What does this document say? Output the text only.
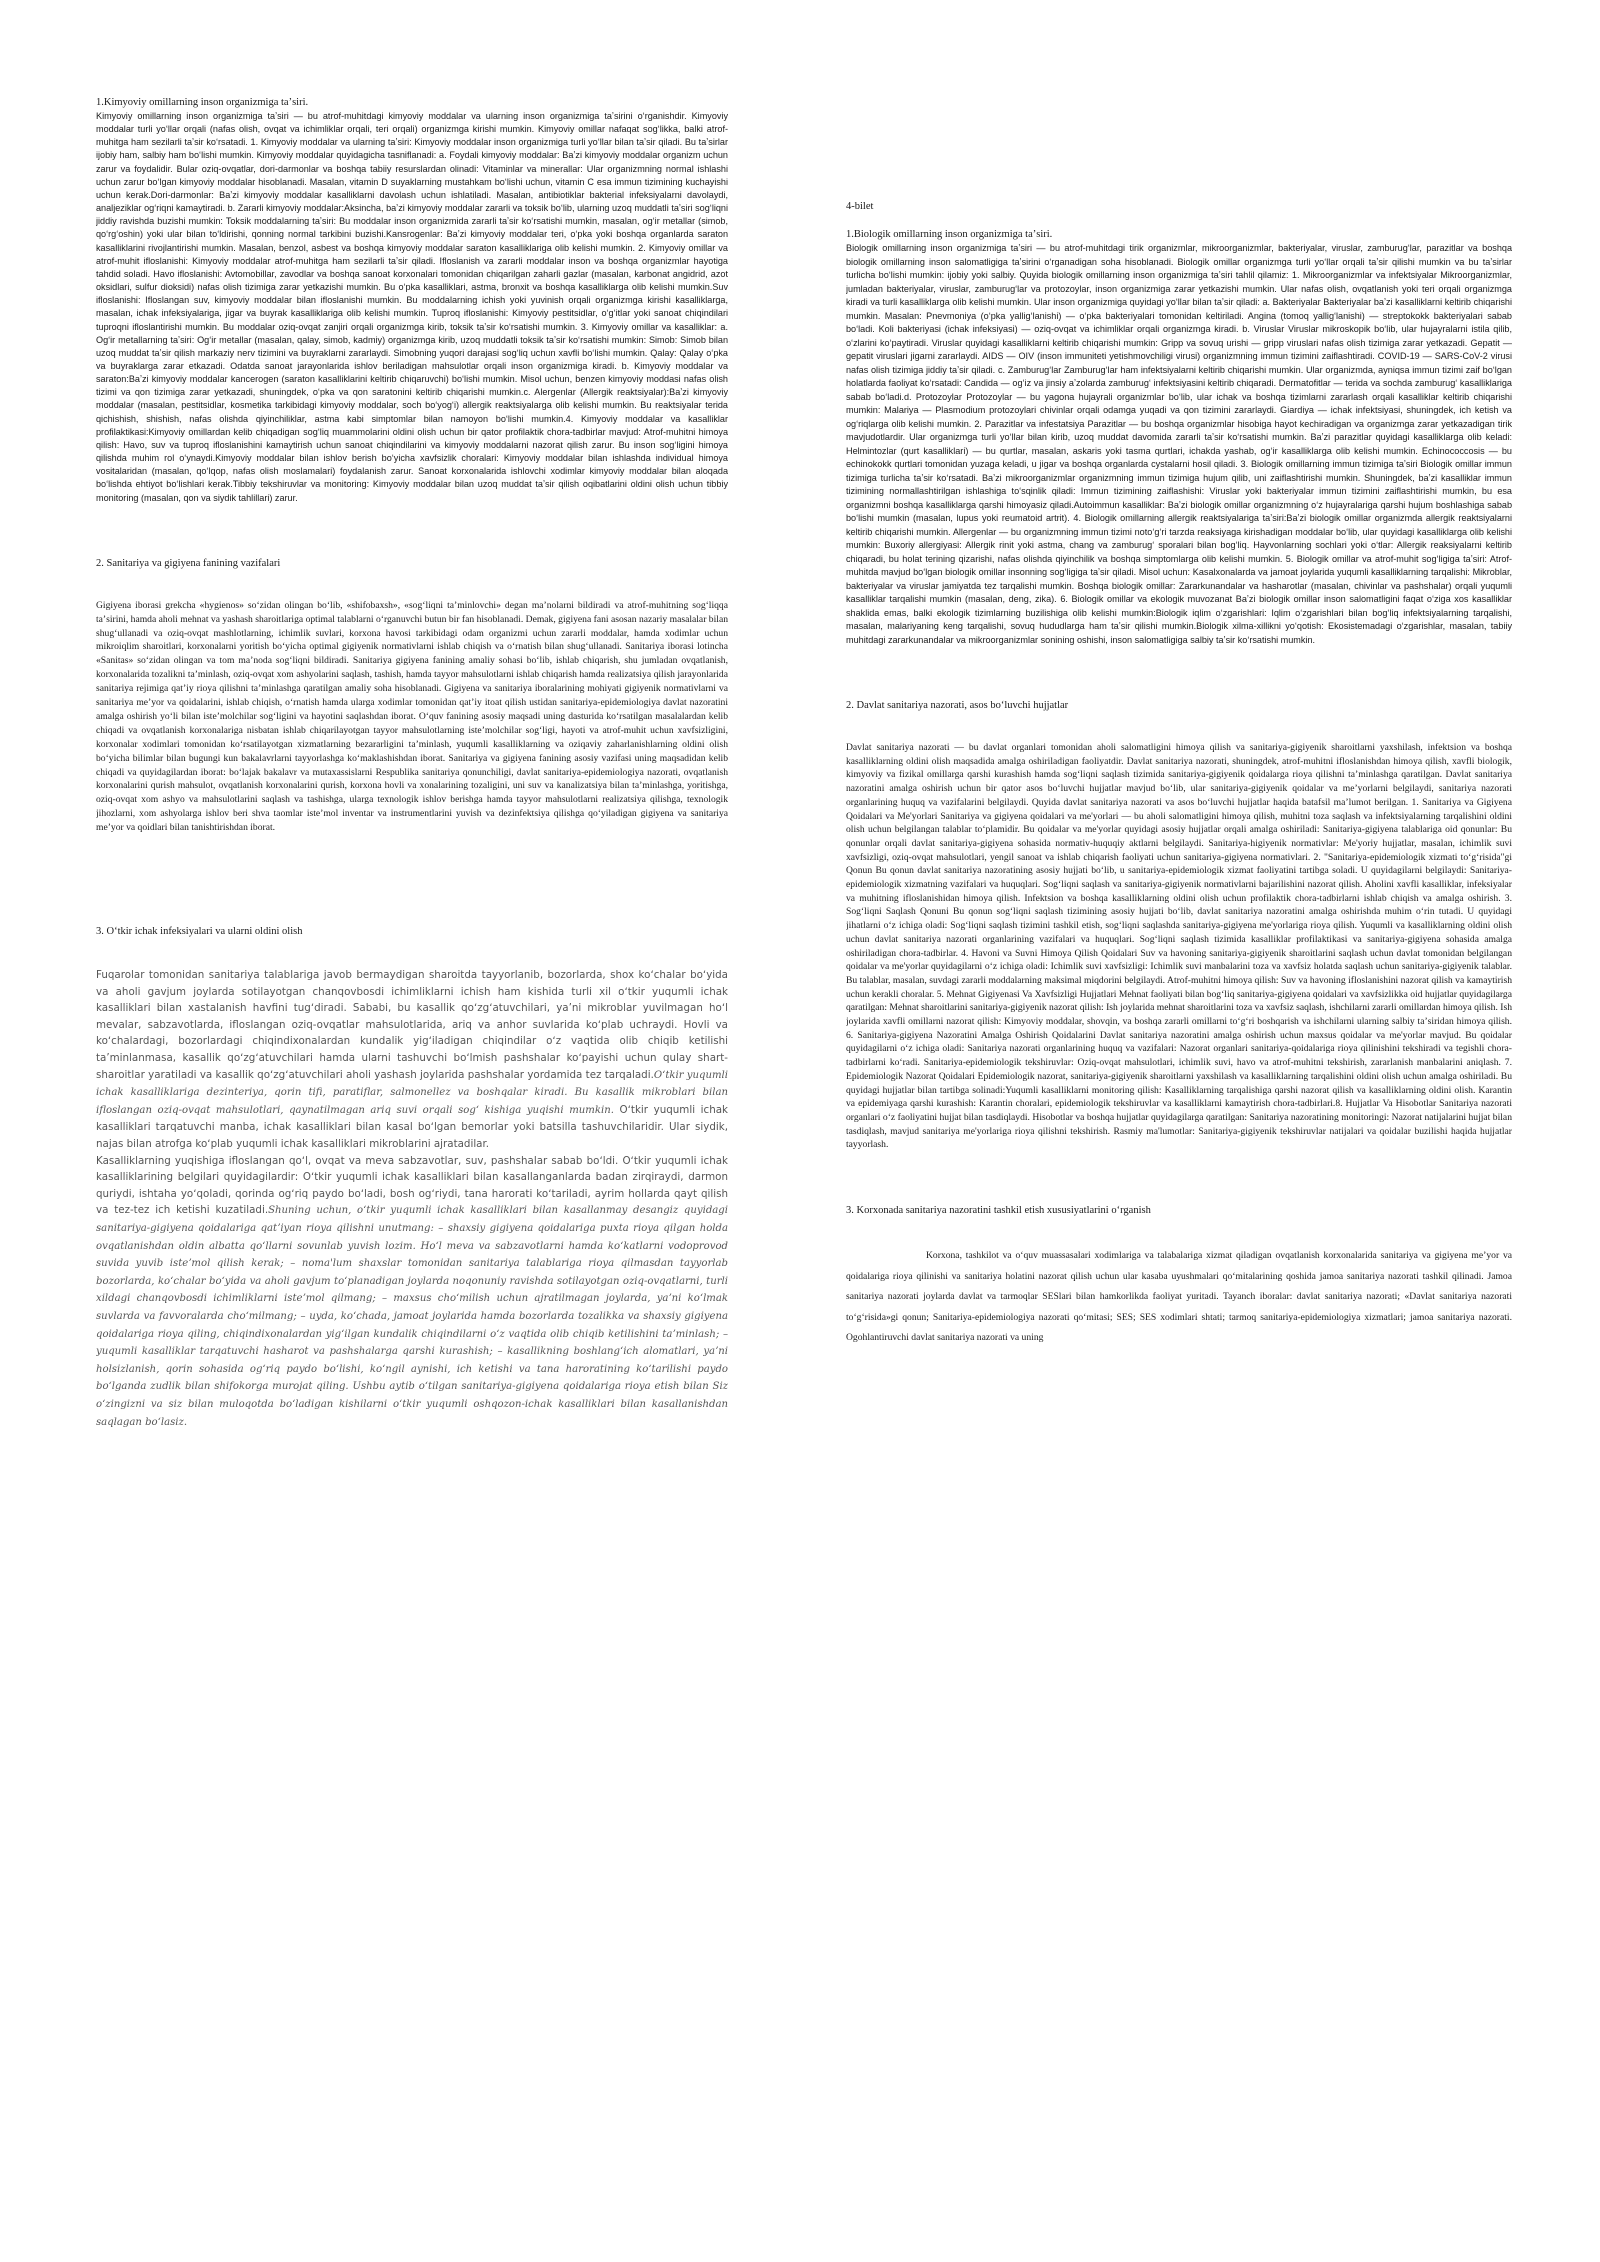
1.Kimyoviy omillarning inson organizmiga taʼsiri.

Kimyoviy omillarning inson organizmiga taʼsiri — bu atrof-muhitdagi kimyoviy moddalar va ularning inson organizmiga taʼsirini oʻrganishdir. Kimyoviy moddalar turli yoʻllar orqali (nafas olish, ovqat va ichimliklar orqali, teri orqali) organizmga kirishi mumkin. Kimyoviy omillar nafaqat sogʻlikka, balki atrof-muhitga ham sezilarli taʼsir koʻrsatadi. 1. Kimyoviy moddalar va ularning taʼsiri: Kimyoviy moddalar inson organizmiga turli yoʻllar bilan taʼsir qiladi. Bu taʼsirlar ijobiy ham, salbiy ham boʻlishi mumkin. Kimyoviy moddalar quyidagicha tasniflanadi: a. Foydali kimyoviy moddalar: Baʼzi kimyoviy moddalar organizm uchun zarur va foydalidir. Bular oziq-ovqatlar, dori-darmonlar va boshqa tabiiy resurslardan olinadi: Vitaminlar va minerallar: Ular organizmning normal ishlashi uchun zarur boʻlgan kimyoviy moddalar hisoblanadi. Masalan, vitamin D suyaklarning mustahkam boʻlishi uchun, vitamin C esa immun tizimining kuchayishi uchun kerak.Dori-darmonlar: Baʼzi kimyoviy moddalar kasalliklarni davolash uchun ishlatiladi. Masalan, antibiotiklar bakterial infeksiyalarni davolaydi, analjeziklar ogʻriqni kamaytiradi. b. Zararli kimyoviy moddalar:Aksincha, baʼzi kimyoviy moddalar zararli va toksik boʻlib, ularning uzoq muddatli taʼsiri sogʻliqni jiddiy ravishda buzishi mumkin: Toksik moddalarning taʼsiri: Bu moddalar inson organizmida zararli taʼsir koʻrsatishi mumkin, masalan, ogʻir metallar (simob, qoʻrgʻoshin) yoki ular bilan toʻldirishi, qonning normal tarkibini buzishi.Kansrogenlar: Baʼzi kimyoviy moddalar teri, oʻpka yoki boshqa organlarda saraton kasalliklarini rivojlantirishi mumkin. Masalan, benzol, asbest va boshqa kimyoviy moddalar saraton kasalliklariga olib kelishi mumkin. 2. Kimyoviy omillar va atrof-muhit ifloslanishi: Kimyoviy moddalar atrof-muhitga ham sezilarli taʼsir qiladi. Ifloslanish va zararli moddalar inson va boshqa organizmlar hayotiga tahdid soladi. Havo ifloslanishi: Avtomobillar, zavodlar va boshqa sanoat korxonalari tomonidan chiqarilgan zaharli gazlar (masalan, karbonat angidrid, azot oksidlari, sulfur dioksidi) nafas olish tizimiga zarar yetkazishi mumkin. Bu oʻpka kasalliklari, astma, bronxit va boshqa kasalliklarga olib kelishi mumkin.Suv ifloslanishi: Ifloslangan suv, kimyoviy moddalar bilan ifloslanishi mumkin. Bu moddalarning ichish yoki yuvinish orqali organizmga kirishi kasalliklarga, masalan, ichak infeksiyalariga, jigar va buyrak kasalliklariga olib kelishi mumkin. Tuproq ifloslanishi: Kimyoviy pestitsidlar, oʻgʻitlar yoki sanoat chiqindilari tuproqni ifloslantirishi mumkin. Bu moddalar oziq-ovqat zanjiri orqali organizmga kirib, toksik taʼsir koʻrsatishi mumkin. 3. Kimyoviy omillar va kasalliklar: a. Ogʻir metallarning taʼsiri: Ogʻir metallar (masalan, qalay, simob, kadmiy) organizmga kirib, uzoq muddatli toksik taʼsir koʻrsatishi mumkin: Simob: Simob bilan uzoq muddat taʼsir qilish markaziy nerv tizimini va buyraklarni zararlaydi. Simobning yuqori darajasi sogʻliq uchun xavfli boʻlishi mumkin. Qalay: Qalay oʻpka va buyraklarga zarar etkazadi. Odatda sanoat jarayonlarida ishlov beriladigan mahsulotlar orqali inson organizmiga kiradi. b. Kimyoviy moddalar va saraton:Baʼzi kimyoviy moddalar kancerogen (saraton kasalliklarini keltirib chiqaruvchi) boʻlishi mumkin. Misol uchun, benzen kimyoviy moddasi nafas olish tizimi va qon tizimiga zarar yetkazadi, shuningdek, oʻpka va qon saratonini keltirib chiqarishi mumkin.c. Alergenlar (Allergik reaktsiyalar):Baʼzi kimyoviy moddalar (masalan, pestitsidlar, kosmetika tarkibidagi kimyoviy moddalar, soch boʻyogʻi) allergik reaktsiyalarga olib kelishi mumkin. Bu reaktsiyalar terida qichishish, shishish, nafas olishda qiyinchiliklar, astma kabi simptomlar bilan namoyon boʻlishi mumkin.4. Kimyoviy moddalar va kasalliklar profilaktikasi:Kimyoviy omillardan kelib chiqadigan sogʻliq muammolarini oldini olish uchun bir qator profilaktik chora-tadbirlar mavjud: Atrof-muhitni himoya qilish: Havo, suv va tuproq ifloslanishini kamaytirish uchun sanoat chiqindilarini va kimyoviy moddalarni nazorat qilish zarur. Bu inson sogʻligini himoya qilishda muhim rol oʻynaydi.Kimyoviy moddalar bilan ishlov berish boʻyicha xavfsizlik choralari: Kimyoviy moddalar bilan ishlashda individual himoya vositalaridan (masalan, qoʻlqop, nafas olish moslamalari) foydalanish zarur. Sanoat korxonalarida ishlovchi xodimlar kimyoviy moddalar bilan aloqada boʻlishda ehtiyot boʻlishlari kerak.Tibbiy tekshiruvlar va monitoring: Kimyoviy moddalar bilan uzoq muddat taʼsir qilish oqibatlarini oldini olish uchun tibbiy monitoring (masalan, qon va siydik tahlillari) zarur.

2. Sanitariya va gigiyena fanining vazifalari

Gigiyena iborasi grekcha «hygienos» soʻzidan olingan boʻlib, «shifobaxsh», «sogʻliqni taʼminlovchi» degan maʼnolarni bildiradi va atrof-muhitning sogʻliqqa taʼsirini, hamda aholi mehnat va yashash sharoitlariga optimal talablarni oʻrganuvchi butun bir fan hisoblanadi. Demak, gigiyena fani asosan nazariy masalalar bilan shugʻullanadi va oziq-ovqat mashlotlarning, ichimlik suvlari, korxona havosi tarkibidagi odam organizmi uchun zararli moddalar, hamda xodimlar uchun mikroiqlim sharoitlari, korxonalarni yoritish boʻyicha optimal gigiyenik normativlarni ishlab chiqish va oʻrnatish bilan shugʻullanadi. Sanitariya iborasi lotincha «Sanitas» soʻzidan olingan va tom maʼnoda sogʻliqni bildiradi. Sanitariya gigiyena fanining amaliy sohasi boʻlib, ishlab chiqarish, shu jumladan ovqatlanish, korxonalarida tozalikni taʼminlash, oziq-ovqat xom ashyolarini saqlash, tashish, hamda tayyor mahsulotlarni ishlab chiqarish hamda realizatsiya qilish jarayonlarida sanitariya rejimiga qatʼiy rioya qilishni taʼminlashga qaratilgan amaliy soha hisoblanadi. Gigiyena va sanitariya iboralarining mohiyati gigiyenik normativlarni va sanitariya meʼyor va qoidalarini, ishlab chiqish, oʻrnatish hamda ularga xodimlar tomonidan qatʼiy itoat qilish ustidan sanitariya-epidemiologiya davlat nazoratini amalga oshirish yoʻli bilan isteʼmolchilar sogʻligini va hayotini saqlashdan iborat. Oʻquv fanining asosiy maqsadi uning dasturida koʻrsatilgan masalalardan kelib chiqadi va ovqatlanish korxonalariga nisbatan ishlab chiqarilayotgan tayyor mahsulotlarning isteʼmolchilar sogʻligi, hayoti va atrof-muhit uchun xavfsizligini, korxonalar xodimlari tomonidan koʻrsatilayotgan xizmatlarning bezararligini taʼminlash, yuqumli kasalliklarning va oziqaviy zaharlanishlarning oldini olish boʻyicha bilimlar bilan bugungi kun bakalavrlarni tayyorlashga koʻmaklashishdan iborat. Sanitariya va gigiyena fanining asosiy vazifasi uning maqsadidan kelib chiqadi va quyidagilardan iborat: boʻlajak bakalavr va mutaxassislarni Respublika sanitariya qonunchiligi, davlat sanitariya-epidemiologiya nazorati, ovqatlanish korxonalarini qurish mahsulot, ovqatlanish korxonalarini qurish, korxona hovli va xonalarining tozaligini, uni suv va kanalizatsiya bilan taʼminlashga, yoritishga, oziq-ovqat xom ashyo va mahsulotlarini saqlash va tashishga, ularga texnologik ishlov berishga hamda tayyor mahsulotlarni realizatsiya qilishga, texnologik jihozlarni, xom ashyolarga ishlov beri shva taomlar isteʼmol inventar va instrumentlarini yuvish va dezinfektsiya qilishga qoʻyiladigan gigiyena va sanitariya meʼyor va qoidlari bilan tanishtirishdan iborat.

3. Oʻtkir ichak infeksiyalari va ularni oldini olish

Fuqarolar tomonidan sanitariya talablariga javob bermaydigan sharoitda tayyorlanib, bozorlarda, shox koʻchalar boʻyida va aholi gavjum joylarda sotilayotgan chanqovbosdi ichimliklarni ichish ham kishida turli xil oʻtkir yuqumli ichak kasalliklari bilan xastalanish havfini tugʻdiradi. Sababi, bu kasallik qoʻzgʻatuvchilari, yaʼni mikroblar yuvilmagan hoʻl mevalar, sabzavotlarda, ifloslangan oziq-ovqatlar mahsulotlarida, ariq va anhor suvlarida koʻplab uchraydi. Hovli va koʻchalardagi, bozorlardagi chiqindixonalardan kundalik yigʻiladigan chiqindilar oʻz vaqtida olib chiqib ketilishi taʼminlanmasa, kasallik qoʻzgʻatuvchilari hamda ularni tashuvchi boʻlmish pashshalar koʻpayishi uchun qulay shart-sharoitlar yaratiladi va kasallik qoʻzgʻatuvchilari aholi yashash joylarida pashshalar yordamida tez tarqaladi.Oʻtkir yuqumli ichak kasalliklariga dezinteriya, qorin tifi, paratiflar, salmonellez va boshqalar kiradi. Bu kasallik mikroblari bilan ifloslangan oziq-ovqat mahsulotlari, qaynatilmagan ariq suvi orqali sogʻ kishiga yuqishi mumkin. Oʻtkir yuqumli ichak kasalliklari tarqatuvchi manba, ichak kasalliklari bilan kasal boʻlgan bemorlar yoki batsilla tashuvchilaridir. Ular siydik, najas bilan atrofga koʻplab yuqumli ichak kasalliklari mikroblarini ajratadilar.

Kasalliklarning yuqishiga ifloslangan qoʻl, ovqat va meva sabzavotlar, suv, pashshalar sabab boʻldi. Oʻtkir yuqumli ichak kasalliklarining belgilari quyidagilardir: Oʻtkir yuqumli ichak kasalliklari bilan kasallanganlarda badan zirqiraydi, darmon quriydi, ishtaha yoʻqoladi, qorinda ogʻriq paydo boʻladi, bosh ogʻriydi, tana harorati koʻtariladi, ayrim hollarda qayt qilish va tez-tez ich ketishi kuzatiladi.Shuning uchun, oʻtkir yuqumli ichak kasalliklari bilan kasallanmay desangiz quyidagi sanitariya-gigiyena qoidalariga qatʼiyan rioya qilishni unutmang: – shaxsiy gigiyena qoidalariga puxta rioya qilgan holda ovqatlanishdan oldin albatta qoʻllarni sovunlab yuvish lozim. Hoʻl meva va sabzavotlarni hamda koʻkatlarni vodoprovod suvida yuvib isteʼmol qilish kerak; – noma'lum shaxslar tomonidan sanitariya talablariga rioya qilmasdan tayyorlab bozorlarda, koʻchalar boʻyida va aholi gavjum toʻplanadigan joylarda noqonuniy ravishda sotilayotgan oziq-ovqatlarni, turli xildagi chanqovbosdi ichimliklarni isteʼmol qilmang; – maxsus choʻmilish uchun ajratilmagan joylarda, yaʼni koʻlmak suvlarda va favvoralarda choʻmilmang; – uyda, koʻchada, jamoat joylarida hamda bozorlarda tozalikka va shaxsiy gigiyena qoidalariga rioya qiling, chiqindixonalardan yigʻilgan kundalik chiqindilarni oʻz vaqtida olib chiqib ketilishini taʼminlash; – yuqumli kasalliklar tarqatuvchi hasharot va pashshalarga qarshi kurashish; – kasallikning boshlangʻich alomatlari, yaʼni holsizlanish, qorin sohasida ogʻriq paydo boʻlishi, koʻngil aynishi, ich ketishi va tana haroratining koʻtarilishi paydo boʻlganda zudlik bilan shifokorga murojat qiling. Ushbu aytib oʻtilgan sanitariya-gigiyena qoidalariga rioya etish bilan Siz oʻzingizni va siz bilan muloqotda boʻladigan kishilarni oʻtkir yuqumli oshqozon-ichak kasalliklari bilan kasallanishdan saqlagan boʻlasiz.

4-bilet

1.Biologik omillarning inson organizmiga taʼsiri.

Biologik omillarning inson organizmiga taʼsiri — bu atrof-muhitdagi tirik organizmlar, mikroorganizmlar, bakteriyalar, viruslar, zamburugʻlar, parazitlar va boshqa biologik omillarning inson salomatligiga taʼsirini oʻrganadigan soha hisoblanadi. Biologik omillar organizmga turli yoʻllar orqali taʼsir qilishi mumkin va bu taʼsirlar turlicha boʻlishi mumkin: ijobiy yoki salbiy. Quyida biologik omillarning inson organizmiga taʼsiri tahlil qilamiz: 1. Mikroorganizmlar va infektsiyalar Mikroorganizmlar, jumladan bakteriyalar, viruslar, zamburugʻlar va protozoylar, inson organizmiga zarar yetkazishi mumkin. Ular nafas olish, ovqatlanish yoki teri orqali organizmga kiradi va turli kasalliklarga olib kelishi mumkin. Ular inson organizmiga quyidagi yoʻllar bilan taʼsir qiladi: a. Bakteriyalar Bakteriyalar baʼzi kasalliklarni keltirib chiqarishi mumkin. Masalan: Pnevmoniya (oʻpka yalligʻlanishi) — oʻpka bakteriyalari tomonidan keltiriladi. Angina (tomoq yalligʻlanishi) — streptokokk bakteriyalari sabab boʻladi. Koli bakteriyasi (ichak infeksiyasi) — oziq-ovqat va ichimliklar orqali organizmga kiradi. b. Viruslar Viruslar mikroskopik boʻlib, ular hujayralarni istila qilib, oʻzlarini koʻpaytiradi. Viruslar quyidagi kasalliklarni keltirib chiqarishi mumkin: Gripp va sovuq urishi — gripp viruslari nafas olish tizimiga zarar yetkazadi. Gepatit — gepatit viruslari jigarni zararlaydi. AIDS — OIV (inson immuniteti yetishmovchiligi virusi) organizmning immun tizimini zaiflashtiradi. COVID-19 — SARS-CoV-2 virusi nafas olish tizimiga jiddiy taʼsir qiladi. c. Zamburugʻlar Zamburugʻlar ham infektsiyalarni keltirib chiqarishi mumkin. Ular organizmda, ayniqsa immun tizimi zaif boʻlgan holatlarda faoliyat koʻrsatadi: Candida — ogʻiz va jinsiy aʼzolarda zamburugʻ infektsiyasini keltirib chiqaradi. Dermatofitlar — terida va sochda zamburugʻ kasalliklariga sabab boʻladi.d. Protozoylar Protozoylar — bu yagona hujayrali organizmlar boʻlib, ular ichak va boshqa tizimlarni zararlash orqali kasalliklar keltirib chiqarishi mumkin: Malariya — Plasmodium protozoylari chivinlar orqali odamga yuqadi va qon tizimini zararlaydi. Giardiya — ichak infektsiyasi, shuningdek, ich ketish va ogʻriqlarga olib kelishi mumkin. 2. Parazitlar va infestatsiya Parazitlar — bu boshqa organizmlar hisobiga hayot kechiradigan va organizmga zarar yetkazadigan tirik mavjudotlardir. Ular organizmga turli yoʻllar bilan kirib, uzoq muddat davomida zararli taʼsir koʻrsatishi mumkin. Baʼzi parazitlar quyidagi kasalliklarga olib keladi: Helmintozlar (qurt kasalliklari) — bu qurtlar, masalan, askaris yoki tasma qurtlari, ichakda yashab, ogʻir kasalliklarga olib kelishi mumkin. Echinococcosis — bu echinokokk qurtlari tomonidan yuzaga keladi, u jigar va boshqa organlarda cystalarni hosil qiladi. 3. Biologik omillarning immun tizimiga taʼsiri Biologik omillar immun tizimiga turlicha taʼsir koʻrsatadi. Baʼzi mikroorganizmlar organizmning immun tizimiga hujum qilib, uni zaiflashtirishi mumkin. Shuningdek, baʼzi kasalliklar immun tizimining normallashtirilgan ishlashiga toʻsqinlik qiladi: Immun tizimining zaiflashishi: Viruslar yoki bakteriyalar immun tizimini zaiflashtirishi mumkin, bu esa organizmni boshqa kasalliklarga qarshi himoyasiz qiladi.Autoimmun kasalliklar: Baʼzi biologik omillar organizmning oʻz hujayralariga qarshi hujum boshlashiga sabab boʻlishi mumkin (masalan, lupus yoki reumatoid artrit). 4. Biologik omillarning allergik reaktsiyalariga taʼsiri:Baʼzi biologik omillar organizmda allergik reaktsiyalarni keltirib chiqarishi mumkin. Allergenlar — bu organizmning immun tizimi notoʻgʻri tarzda reaksiyaga kirishadigan moddalar boʻlib, ular quyidagi kasalliklarga olib kelishi mumkin: Buxoriy allergiyasi: Allergik rinit yoki astma, chang va zamburugʻ sporalari bilan bogʻliq. Hayvonlarning sochlari yoki oʻtlar: Allergik reaksiyalarni keltirib chiqaradi, bu holat terining qizarishi, nafas olishda qiyinchilik va boshqa simptomlarga olib kelishi mumkin. 5. Biologik omillar va atrof-muhit sogʻligiga taʼsiri: Atrof-muhitda mavjud boʻlgan biologik omillar insonning sogʻligiga taʼsir qiladi. Misol uchun: Kasalxonalarda va jamoat joylarida yuqumli kasalliklarning tarqalishi: Mikroblar, bakteriyalar va viruslar jamiyatda tez tarqalishi mumkin. Boshqa biologik omillar: Zararkunandalar va hasharotlar (masalan, chivinlar va pashshalar) orqali yuqumli kasalliklar tarqalishi mumkin (masalan, deng, zika). 6. Biologik omillar va ekologik muvozanat Baʼzi biologik omillar inson salomatligini faqat oʻziga xos kasalliklar shaklida emas, balki ekologik tizimlarning buzilishiga olib kelishi mumkin:Biologik iqlim oʻzgarishlari: Iqlim oʻzgarishlari bilan bogʻliq infektsiyalarning tarqalishi, masalan, malariyaning keng tarqalishi, sovuq hududlarga ham taʼsir qilishi mumkin.Biologik xilma-xillikni yoʻqotish: Ekosistemadagi oʻzgarishlar, masalan, tabiiy muhitdagi zararkunandalar va mikroorganizmlar sonining oshishi, inson salomatligiga salbiy taʼsir koʻrsatishi mumkin.

2. Davlat sanitariya nazorati, asos boʻluvchi hujjatlar

Davlat sanitariya nazorati — bu davlat organlari tomonidan aholi salomatligini himoya qilish va sanitariya-gigiyenik sharoitlarni yaxshilash, infektsion va boshqa kasalliklarning oldini olish maqsadida amalga oshiriladigan faoliyatdir. Davlat sanitariya nazorati, shuningdek, atrof-muhitni ifloslanishdan himoya qilish, xavfli biologik, kimyoviy va fizikal omillarga qarshi kurashish hamda sogʻliqni saqlash tizimida sanitariya-gigiyenik qoidalarga rioya qilishni taʼminlashga qaratilgan. Davlat sanitariya nazoratini amalga oshirish uchun bir qator asos boʻluvchi hujjatlar mavjud boʻlib, ular sanitariya-gigiyenik qoidalar va meʼyorlarni belgilaydi, sanitariya nazorati organlarining huquq va vazifalarini belgilaydi. Quyida davlat sanitariya nazorati va asos boʻluvchi hujjatlar haqida batafsil maʼlumot berilgan. 1. Sanitariya va Gigiyena Qoidalari va Me'yorlari Sanitariya va gigiyena qoidalari va me'yorlari — bu aholi salomatligini himoya qilish, muhitni toza saqlash va infektsiyalarning tarqalishini oldini olish uchun belgilangan talablar toʻplamidir. Bu qoidalar va me'yorlar quyidagi asosiy hujjatlar orqali amalga oshiriladi: Sanitariya-gigiyena talablariga oid qonunlar: Bu qonunlar orqali davlat sanitariya-gigiyena sohasida normativ-huquqiy aktlarni belgilaydi. Sanitariya-higiyenik normativlar: Me'yoriy hujjatlar, masalan, ichimlik suvi xavfsizligi, oziq-ovqat mahsulotlari, yengil sanoat va ishlab chiqarish faoliyati uchun sanitariya-gigiyena normativlari. 2. "Sanitariya-epidemiologik xizmati toʻgʻrisida"gi Qonun Bu qonun davlat sanitariya nazoratining asosiy hujjati boʻlib, u sanitariya-epidemiologik xizmat faoliyatini tartibga soladi. U quyidagilarni belgilaydi: Sanitariya-epidemiologik xizmatning vazifalari va huquqlari. Sogʻliqni saqlash va sanitariya-gigiyenik normativlarni bajarilishini nazorat qilish. Aholini xavfli kasalliklar, infeksiyalar va muhitning ifloslanishidan himoya qilish. Infektsion va boshqa kasalliklarning oldini olish uchun profilaktik chora-tadbirlarni ishlab chiqish va amalga oshirish. 3. Sogʻliqni Saqlash Qonuni Bu qonun sogʻliqni saqlash tizimining asosiy hujjati boʻlib, davlat sanitariya nazoratini amalga oshirishda muhim oʻrin tutadi. U quyidagi jihatlarni oʻz ichiga oladi: Sogʻliqni saqlash tizimini tashkil etish, sogʻliqni saqlashda sanitariya-gigiyena me'yorlariga rioya qilish. Yuqumli va kasalliklarning oldini olish uchun davlat sanitariya nazorati organlarining vazifalari va huquqlari. Sogʻliqni saqlash tizimida kasalliklar profilaktikasi va sanitariya-gigiyena sohasida amalga oshiriladigan chora-tadbirlar. 4. Havoni va Suvni Himoya Qilish Qoidalari Suv va havoning sanitariya-gigiyenik sharoitlarini saqlash uchun davlat tomonidan belgilangan qoidalar va me'yorlar quyidagilarni oʻz ichiga oladi: Ichimlik suvi xavfsizligi: Ichimlik suvi manbalarini toza va xavfsiz holatda saqlash uchun sanitariya-gigiyenik talablar. Bu talablar, masalan, suvdagi zararli moddalarning maksimal miqdorini belgilaydi. Atrof-muhitni himoya qilish: Suv va havoning ifloslanishini nazorat qilish va kamaytirish uchun kerakli choralar. 5. Mehnat Gigiyenasi Va Xavfsizligi Hujjatlari Mehnat faoliyati bilan bogʻliq sanitariya-gigiyena qoidalari va xavfsizlikka oid hujjatlar quyidagilarga qaratilgan: Mehnat sharoitlarini sanitariya-gigiyenik nazorat qilish: Ish joylarida mehnat sharoitlarini toza va xavfsiz saqlash, ishchilarni zararli omillardan himoya qilish. Ish joylarida xavfli omillarni nazorat qilish: Kimyoviy moddalar, shovqin, va boshqa zararli omillarni toʻgʻri boshqarish va ishchilarni ularning salbiy taʼsiridan himoya qilish. 6. Sanitariya-gigiyena Nazoratini Amalga Oshirish Qoidalarini Davlat sanitariya nazoratini amalga oshirish uchun maxsus qoidalar va me'yorlar mavjud. Bu qoidalar quyidagilarni oʻz ichiga oladi: Sanitariya nazorati organlarining huquq va vazifalari: Nazorat organlari sanitariya-qoidalariga rioya qilinishini tekshiradi va tegishli chora-tadbirlarni koʻradi. Sanitariya-epidemiologik tekshiruvlar: Oziq-ovqat mahsulotlari, ichimlik suvi, havo va atrof-muhitni tekshirish, zararlanish manbalarini aniqlash. 7. Epidemiologik Nazorat Qoidalari Epidemiologik nazorat, sanitariya-gigiyenik sharoitlarni yaxshilash va kasalliklarning tarqalishini oldini olish uchun amalga oshiriladi. Bu quyidagi hujjatlar bilan tartibga solinadi:Yuqumli kasalliklarni monitoring qilish: Kasalliklarning tarqalishiga qarshi nazorat qilish va kasalliklarning oldini olish. Karantin va epidemiyaga qarshi kurashish: Karantin choralari, epidemiologik tekshiruvlar va kasalliklarni kamaytirish chora-tadbirlari.8. Hujjatlar Va Hisobotlar Sanitariya nazorati organlari oʻz faoliyatini hujjat bilan tasdiqlaydi. Hisobotlar va boshqa hujjatlar quyidagilarga qaratilgan: Sanitariya nazoratining monitoringi: Nazorat natijalarini hujjat bilan tasdiqlash, mavjud sanitariya me'yorlariga rioya qilishni tekshirish. Rasmiy ma'lumotlar: Sanitariya-gigiyenik tekshiruvlar natijalari va qoidalar buzilishi haqida hujjatlar tayyorlash.

3. Korxonada sanitariya nazoratini tashkil etish xususiyatlarini oʻrganish

Korxona, tashkilot va oʻquv muassasalari xodimlariga va talabalariga xizmat qiladigan ovqatlanish korxonalarida sanitariya va gigiyena meʼyor va qoidalariga rioya qilinishi va sanitariya holatini nazorat qilish uchun ular kasaba uyushmalari qoʻmitalarining qoshida jamoa sanitariya nazorati tashkil qilinadi. Jamoa sanitariya nazorati joylarda davlat va tarmoqlar SESlari bilan hamkorlikda faoliyat yuritadi. Tayanch iboralar: davlat sanitariya nazorati; «Davlat sanitariya nazorati toʻgʻrisida»gi qonun; Sanitariya-epidemiologiya nazorati qoʻmitasi; SES; SES xodimlari shtati; tarmoq sanitariya-epidemiologiya xizmatlari; jamoa sanitariya nazorati. Ogohlantiruvchi davlat sanitariya nazorati va uning
